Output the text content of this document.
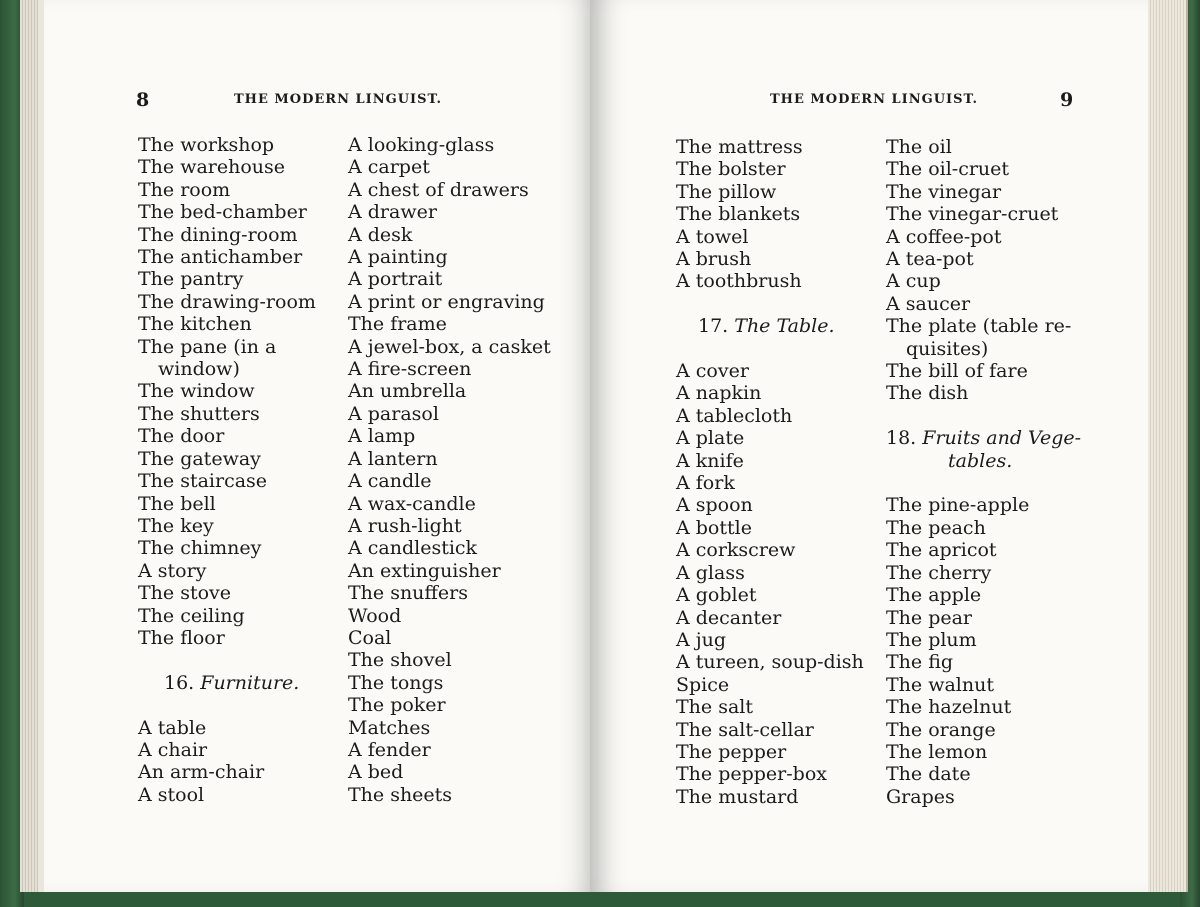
8	THE MODERN LINGUIST.
The workshop
The warehouse
The room
The bed-chamber
The dining-room
The antichamber
The pantry
The drawing-room
The kitchen
The pane (in a
window)
The window
The shutters
The door
The gateway
The staircase
The bell
The key
The chimney
A story
The stove
The ceiling
The floor
16. Furniture.
A table
A chair
An arm-chair
A stool
A looking-glass
A carpet
A chest of drawers
A drawer
A desk
A painting
A portrait
A print or engraving
The frame
A jewel-box, a casket
A fire-screen
An umbrella
A parasol
A lamp
A lantern
A candle
A wax-candle
A rush-light
A candlestick
An extinguisher
The snuffers
Wood
Coal
The shovel
The tongs
The poker
Matches
A fender
A bed
The sheets
THE MODERN LINGUIST.	9
The mattress
The bolster
The pillow
The blankets
A towel
A brush
A toothbrush
17. The Table.
A cover
A napkin
A tablecloth
A plate
A knife
A fork
A spoon
A bottle
A corkscrew
A glass
A goblet
A decanter
A jug
A tureen, soup-dish
Spice
The salt
The salt-cellar
The pepper
The pepper-box
The mustard
The oil
The oil-cruet
The vinegar
The vinegar-cruet
A coffee-pot
A tea-pot
A cup
A saucer
The plate (table re-
quisites)
The bill of fare
The dish
18. Fruits and Vege-
tables.
The pine-apple
The peach
The apricot
The cherry
The apple
The pear
The plum
The fig
The walnut
The hazelnut
The orange
The lemon
The date
Grapes
